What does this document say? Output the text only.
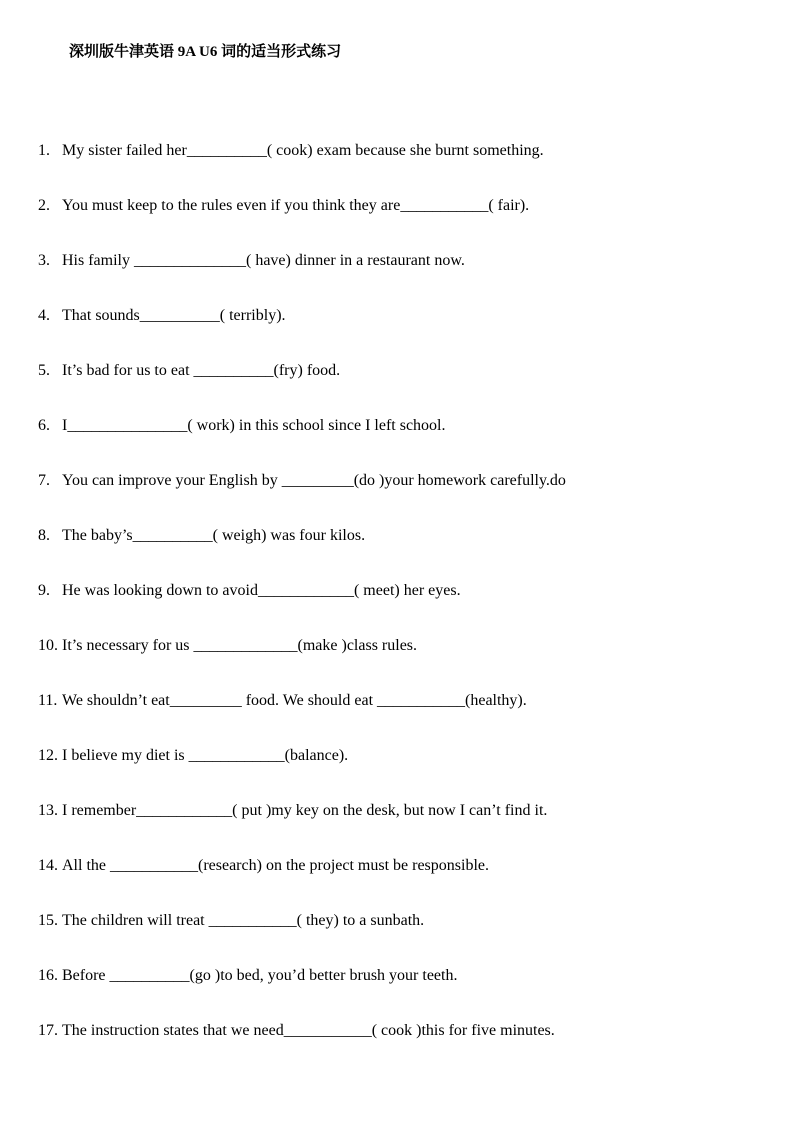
深圳版牛津英语 9A U6 词的适当形式练习
1. My sister failed her__________( cook) exam because she burnt something.
2. You must keep to the rules even if you think they are___________( fair).
3. His family ______________( have) dinner in a restaurant now.
4. That sounds__________( terribly).
5. It’s bad for us to eat __________(fry) food.
6. I_______________( work) in this school since I left school.
7. You can improve your English by _________(do )your homework carefully.do
8. The baby’s__________( weigh) was four kilos.
9. He was looking down to avoid____________( meet) her eyes.
10. It’s necessary for us _____________(make )class rules.
11. We shouldn’t eat_________ food. We should eat ___________(healthy).
12. I believe my diet is ____________(balance).
13. I remember____________( put )my key on the desk, but now I can’t find it.
14. All the ___________(research) on the project must be responsible.
15. The children will treat ___________( they) to a sunbath.
16. Before __________(go )to bed, you’d better brush your teeth.
17. The instruction states that we need___________( cook )this for five minutes.
